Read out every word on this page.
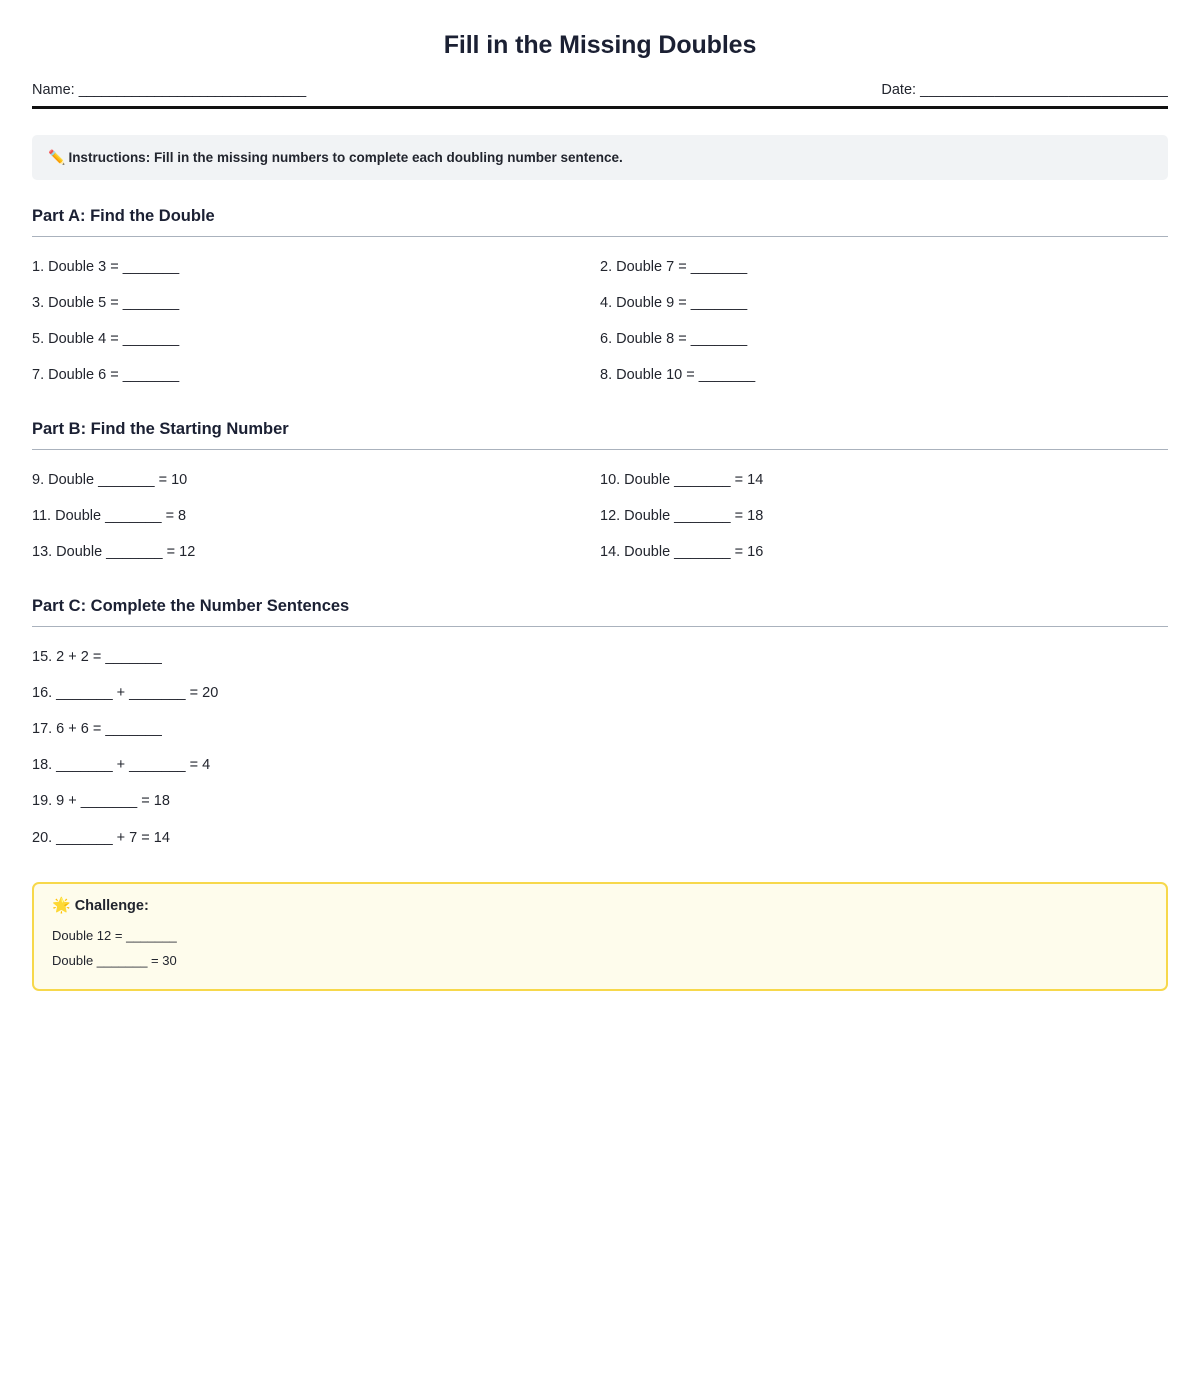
Fill in the Missing Doubles
Name: ______________________________	Date: ______________________________
✏️ Instructions: Fill in the missing numbers to complete each doubling number sentence.
Part A: Find the Double
1. Double 3 = _______	2. Double 7 = _______
3. Double 5 = _______	4. Double 9 = _______
5. Double 4 = _______	6. Double 8 = _______
7. Double 6 = _______	8. Double 10 = _______
Part B: Find the Starting Number
9. Double _______ = 10	10. Double _______ = 14
11. Double _______ = 8	12. Double _______ = 18
13. Double _______ = 12	14. Double _______ = 16
Part C: Complete the Number Sentences
15. 2 + 2 = _______
16. _______ + _______ = 20
17. 6 + 6 = _______
18. _______ + _______ = 4
19. 9 + _______ = 18
20. _______ + 7 = 14
🌟 Challenge:
Double 12 = _______
Double _______ = 30
